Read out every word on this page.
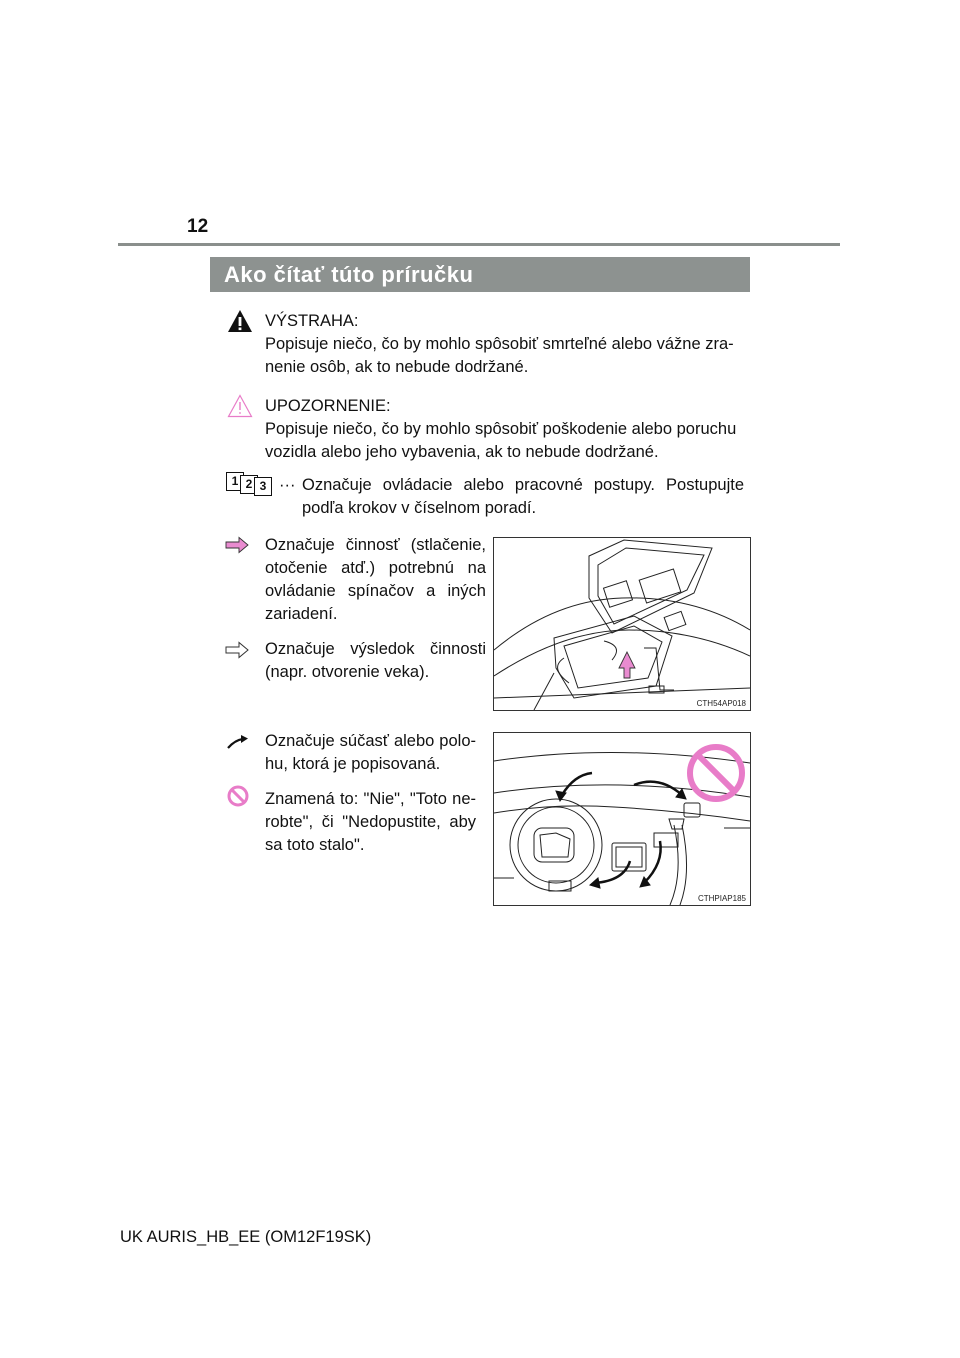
12
Ako čítať túto príručku
VÝSTRAHA:
Popisuje niečo, čo by mohlo spôsobiť smrteľné alebo vážne zra-
nenie osôb, ak to nebude dodržané.
UPOZORNENIE:
Popisuje niečo, čo by mohlo spôsobiť poškodenie alebo poruchu
vozidla alebo jeho vybavenia, ak to nebude dodržané.
1 2 3 ··· Označuje ovládacie alebo pracovné postupy. Postupujte
podľa krokov v číselnom poradí.
Označuje činnosť (stlačenie,
otočenie atď.) potrebnú na
ovládanie spínačov a iných
zariadení.
Označuje výsledok činnosti
(napr. otvorenie veka).
CTH54AP018
Označuje súčasť alebo polo-
hu, ktorá je popisovaná.
Znamená to: "Nie", "Toto ne-
robte", či "Nedopustite, aby
sa toto stalo".
CTHPIAP185
UK AURIS_HB_EE (OM12F19SK)
